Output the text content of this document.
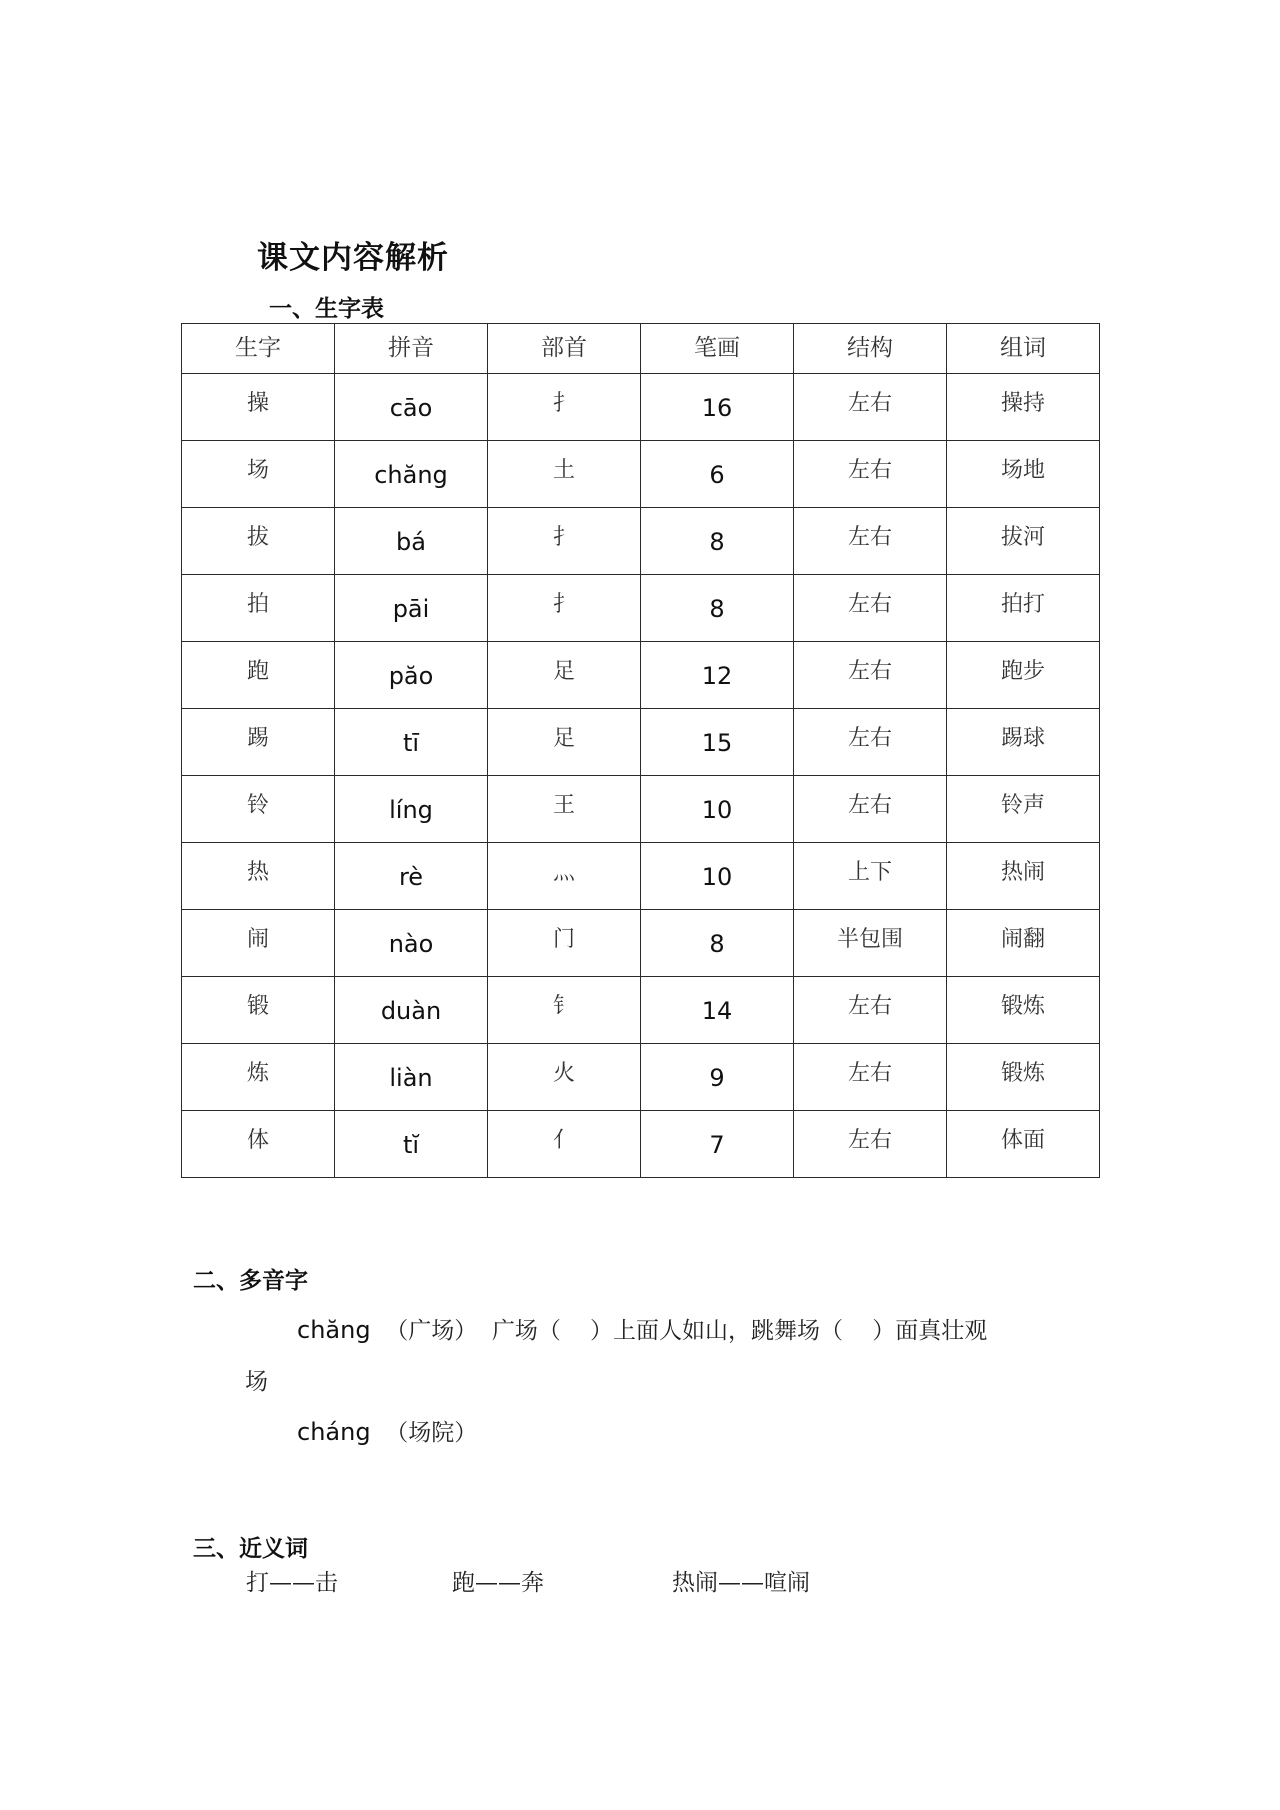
课文内容解析
一、生字表
生字	拼音	部首	笔画	结构	组词

操	cāo	扌	16	左右	操持

场	chăng	土	6	左右	场地

拔	bá	扌	8	左右	拔河

拍	pāi	扌	8	左右	拍打

跑	păo	足	12	左右	跑步

踢	tī	足	15	左右	踢球

铃	líng	王	10	左右	铃声

热	rè	灬	10	上下	热闹

闹	nào	门	8	半包围	闹翻

锻	duàn	钅	14	左右	锻炼

炼	liàn	火	9	左右	锻炼

体	tĭ	亻	7	左右	体面
二、多音字
chăng （广场） 广场（    ）上面人如山，跳舞场（    ）面真壮观
场
cháng （场院）
三、近义词
打——击	跑——奔	热闹——喧闹
